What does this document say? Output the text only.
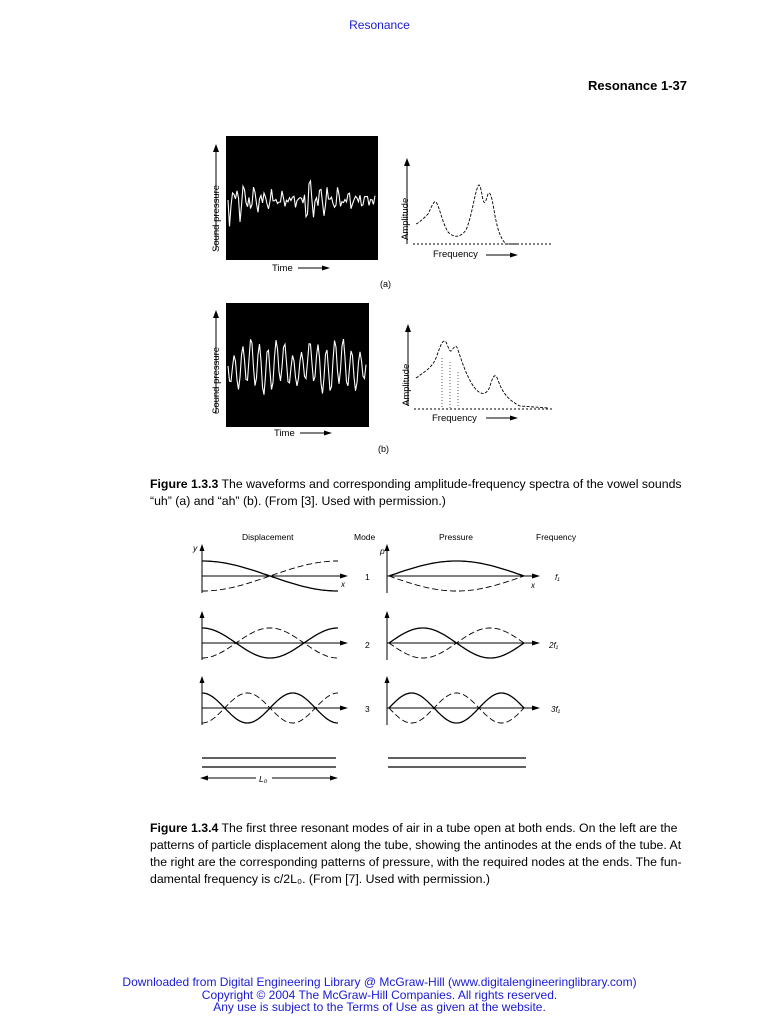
Resonance
Resonance 1-37
Sound pressure
Time
Amplitude
Frequency
(a)
Sound pressure
Time
Amplitude
Frequency
(b)
Figure 1.3.3 The waveforms and corresponding amplitude-frequency spectra of the vowel sounds “uh” (a) and “ah” (b). (From [3]. Used with permission.)
Displacement	Mode	Pressure	Frequency
y	p
1
2
3
x	x
f₁
2f₁
3f₁
L₀
Figure 1.3.4 The first three resonant modes of air in a tube open at both ends. On the left are the patterns of particle displacement along the tube, showing the antinodes at the ends of the tube. At the right are the corresponding patterns of pressure, with the required nodes at the ends. The fundamental frequency is c/2L₀. (From [7]. Used with permission.)
Downloaded from Digital Engineering Library @ McGraw-Hill (www.digitalengineeringlibrary.com)
Copyright © 2004 The McGraw-Hill Companies. All rights reserved.
Any use is subject to the Terms of Use as given at the website.
